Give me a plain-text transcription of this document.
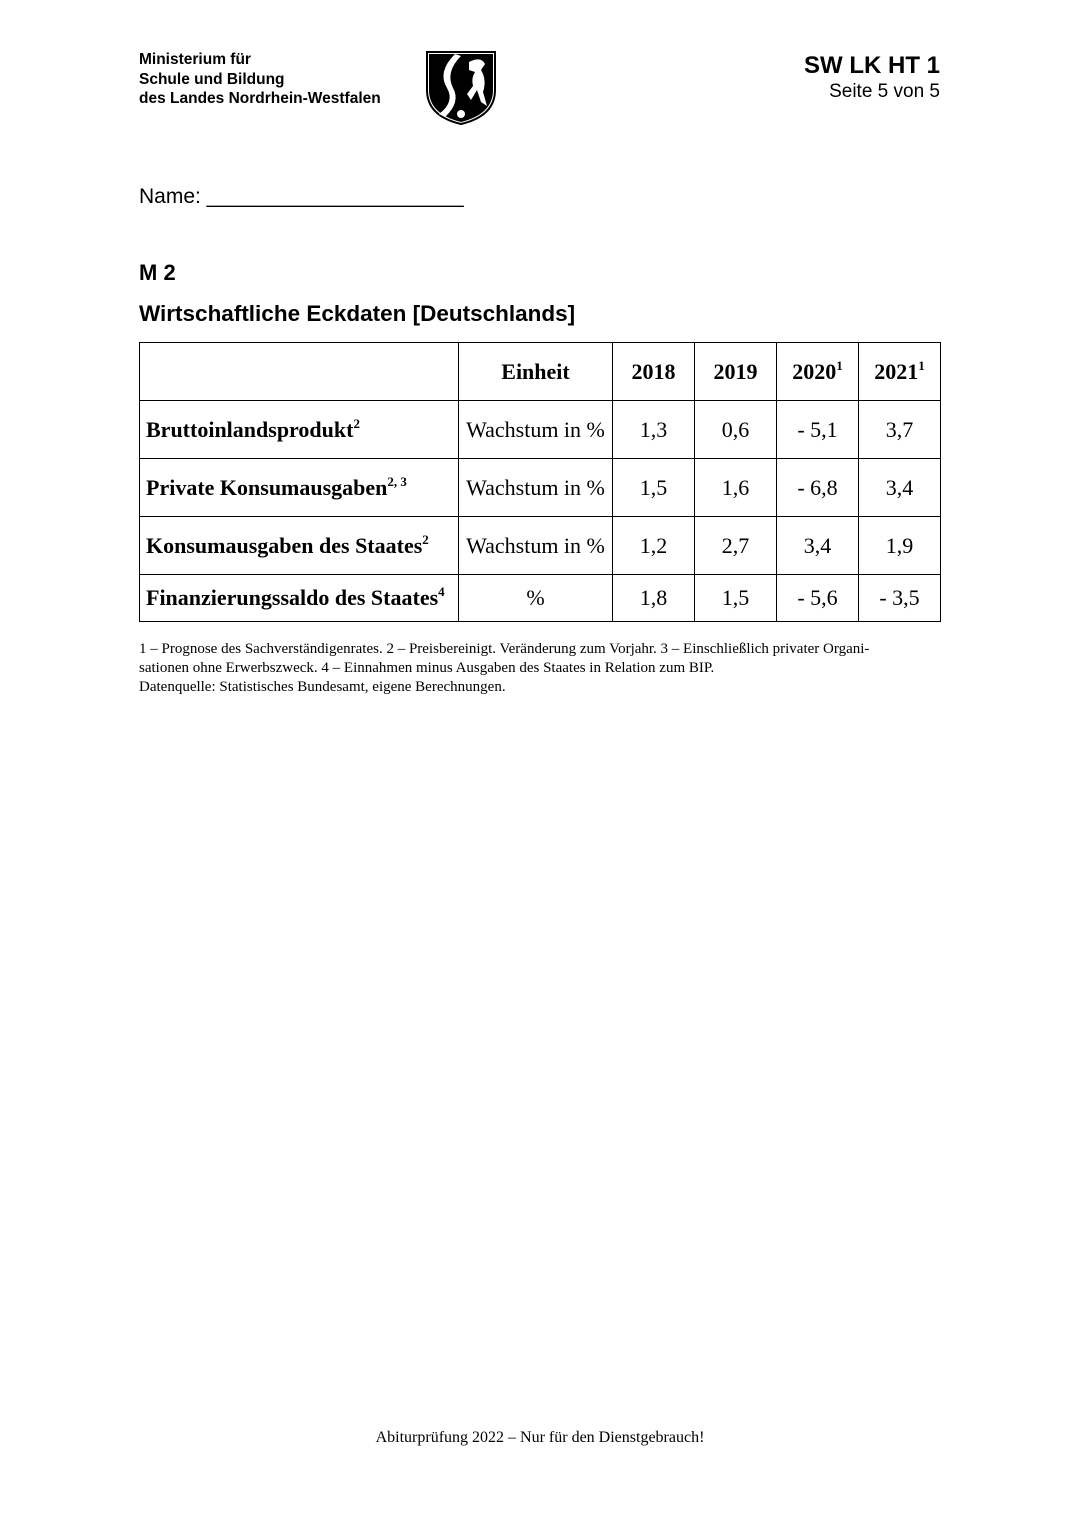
Ministerium für
Schule und Bildung
des Landes Nordrhein-Westfalen
SW LK HT 1
Seite 5 von 5
Name: ______________________
M 2
Wirtschaftliche Eckdaten [Deutschlands]
	Einheit	2018	2019	2020$^1$	2021$^1$
Bruttoinlandsprodukt$^2$	Wachstum in %	1,3	0,6	- 5,1	3,7
Private Konsumausgaben$^{2, 3}$	Wachstum in %	1,5	1,6	- 6,8	3,4
Konsumausgaben des Staates$^2$	Wachstum in %	1,2	2,7	3,4	1,9
Finanzierungssaldo des Staates$^4$	%	1,8	1,5	- 5,6	- 3,5
1 – Prognose des Sachverständigenrates. 2 – Preisbereinigt. Veränderung zum Vorjahr. 3 – Einschließlich privater Organi-
sationen ohne Erwerbszweck. 4 – Einnahmen minus Ausgaben des Staates in Relation zum BIP.
Datenquelle: Statistisches Bundesamt, eigene Berechnungen.
Abiturprüfung 2022 – Nur für den Dienstgebrauch!
